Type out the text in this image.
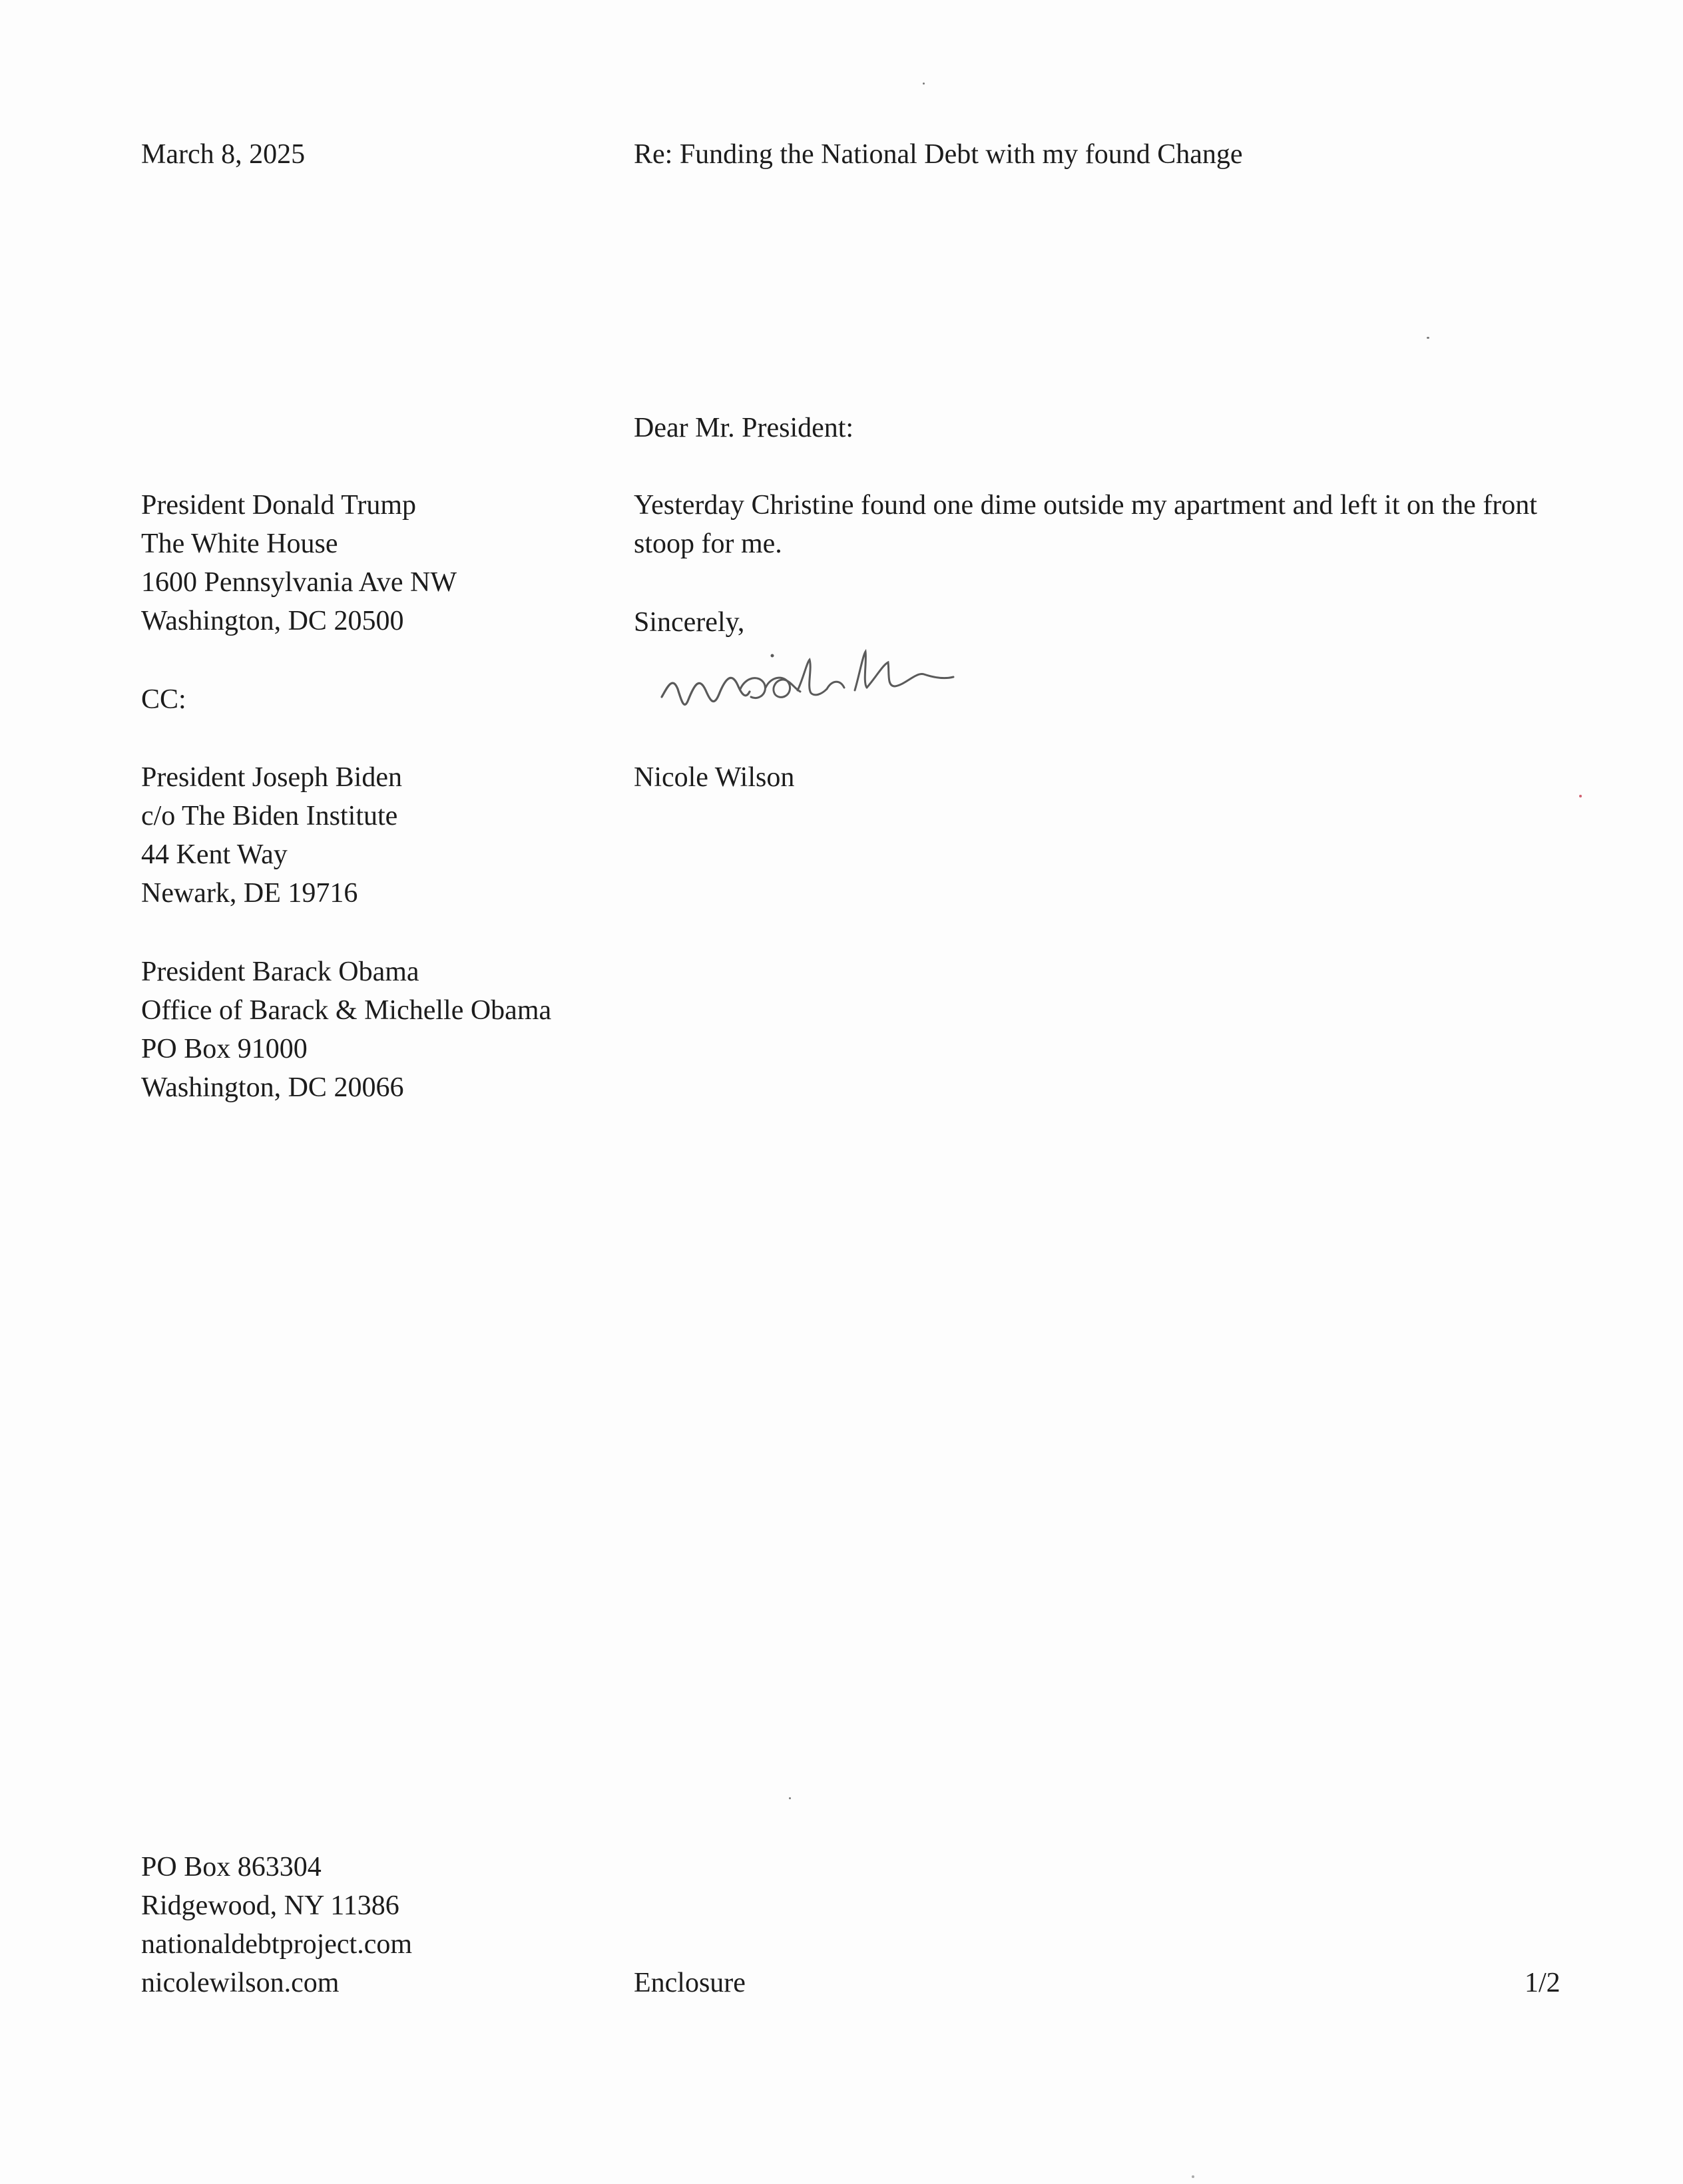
March 8, 2025	Re: Funding the National Debt with my found Change
Dear Mr. President:
President Donald Trump
The White House
1600 Pennsylvania Ave NW
Washington, DC 20500
Yesterday Christine found one dime outside my apartment and left it on the front stoop for me.
Sincerely,
Nicole Wilson
CC:
President Joseph Biden
c/o The Biden Institute
44 Kent Way
Newark, DE 19716
President Barack Obama
Office of Barack & Michelle Obama
PO Box 91000
Washington, DC 20066
PO Box 863304
Ridgewood, NY 11386
nationaldebtproject.com
nicolewilson.com	Enclosure	1/2
